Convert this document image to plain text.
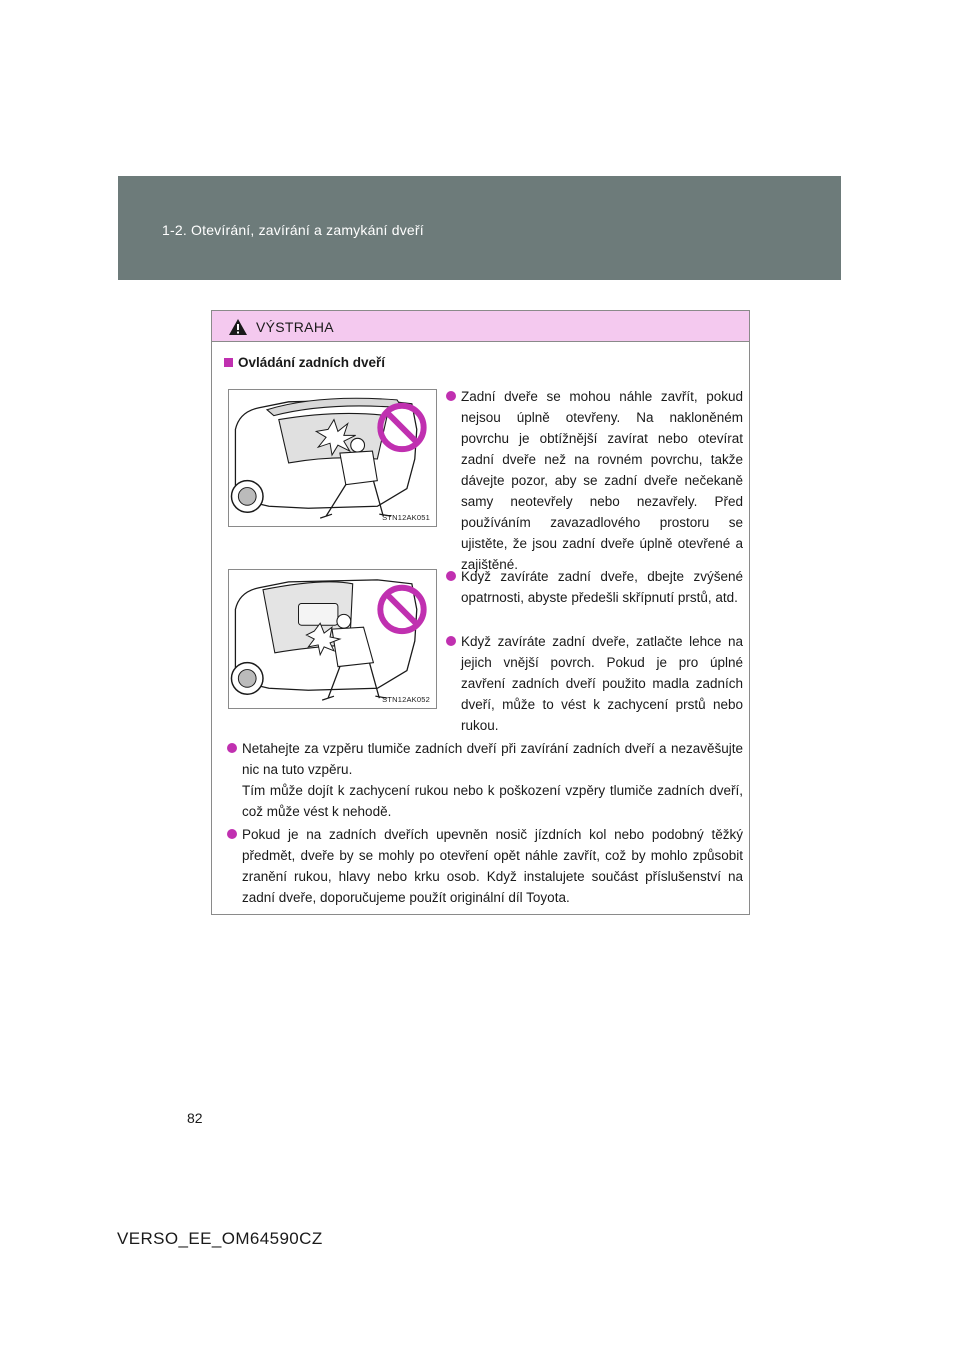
1-2. Otevírání, zavírání a zamykání dveří
VÝSTRAHA
Ovládání zadních dveří
STN12AK051
STN12AK052
Zadní dveře se mohou náhle zavřít, pokud nejsou úplně otevřeny. Na nakloněném povrchu je obtížnější zavírat nebo otevírat zadní dveře než na rovném povrchu, takže dávejte pozor, aby se zadní dveře nečekaně samy neotevřely nebo nezavřely. Před používáním zavazadlového prostoru se ujistěte, že jsou zadní dveře úplně otevřené a zajištěné.
Když zavíráte zadní dveře, dbejte zvýšené opatrnosti, abyste předešli skřípnutí prstů, atd.
Když zavíráte zadní dveře, zatlačte lehce na jejich vnější povrch. Pokud je pro úplné zavření zadních dveří použito madla zadních dveří, může to vést k zachycení prstů nebo rukou.
Netahejte za vzpěru tlumiče zadních dveří při zavírání zadních dveří a nezavěšujte nic na tuto vzpěru.
Tím může dojít k zachycení rukou nebo k poškození vzpěry tlumiče zadních dveří, což může vést k nehodě.
Pokud je na zadních dveřích upevněn nosič jízdních kol nebo podobný těžký předmět, dveře by se mohly po otevření opět náhle zavřít, což by mohlo způsobit zranění rukou, hlavy nebo krku osob. Když instalujete součást příslušenství na zadní dveře, doporučujeme použít originální díl Toyota.
82
VERSO_EE_OM64590CZ
